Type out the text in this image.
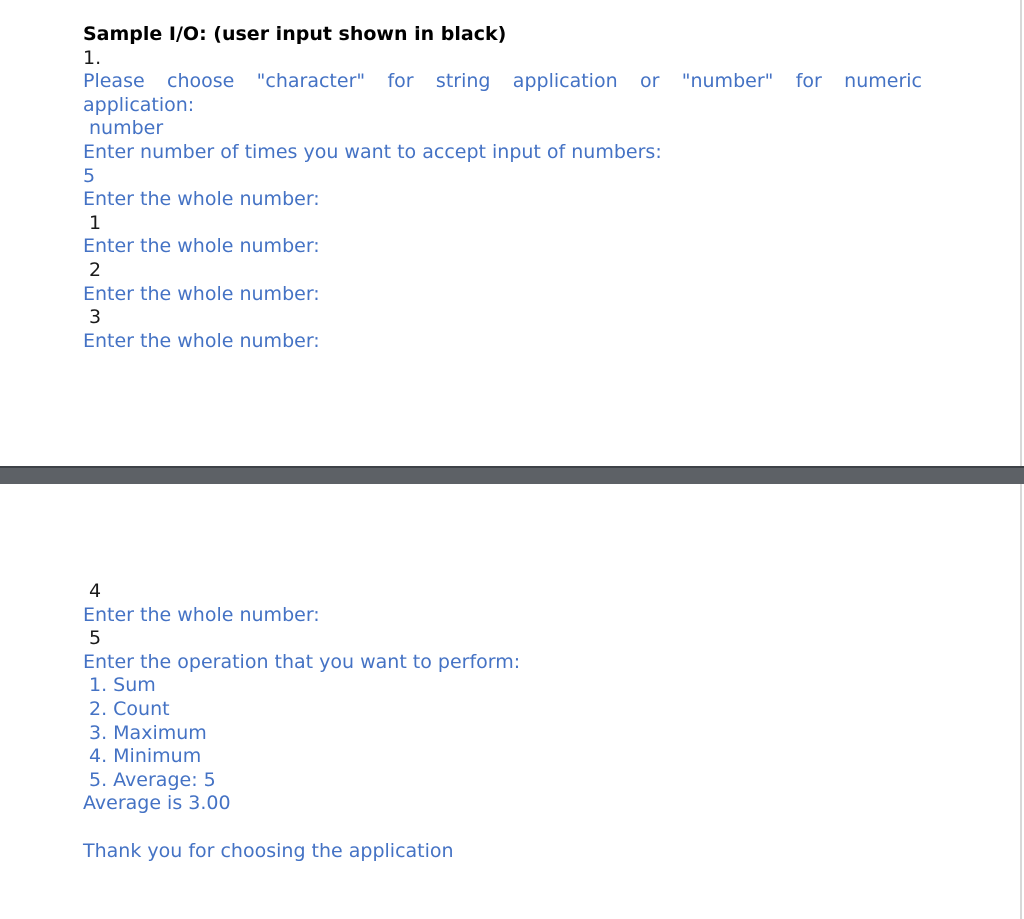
Sample I/O: (user input shown in black)
1.
Please choose "character" for string application or "number" for numeric
application:
number
Enter number of times you want to accept input of numbers:
5
Enter the whole number:
1
Enter the whole number:
2
Enter the whole number:
3
Enter the whole number:
4
Enter the whole number:
5
Enter the operation that you want to perform:
1. Sum
2. Count
3. Maximum
4. Minimum
5. Average: 5
Average is 3.00
Thank you for choosing the application
